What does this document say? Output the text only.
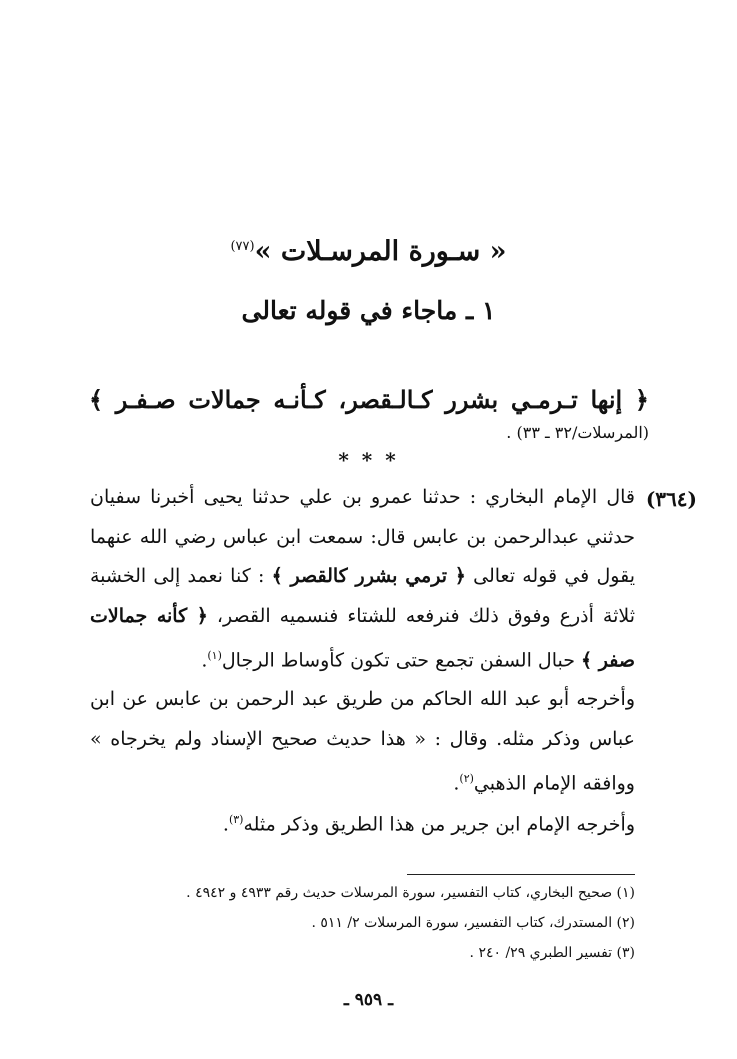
« سـورة المرسـلات »$^{(٧٧)}$
١ ـ ماجاء في قوله تعالى
﴿ إنها تـرمـي بشرر كـالـقصر، كـأنـه جمالات صـفـر ﴾
(المرسلات/٣٢ ـ ٣٣) .
* * *
(٣٦٤)
قال الإمام البخاري : حدثنا عمرو بن علي حدثنا يحيى أخبرنا سفيان حدثني عبدالرحمن بن عابس قال: سمعت ابن عباس رضي الله عنهما يقول في قوله تعالى ﴿ ترمي بشرر كالقصر ﴾ : كنا نعمد إلى الخشبة ثلاثة أذرع وفوق ذلك فنرفعه للشتاء فنسميه القصر، ﴿ كأنه جمالات صفر ﴾ حبال السفن تجمع حتى تكون كأوساط الرجال$^{(١)}$.
وأخرجه أبو عبد الله الحاكم من طريق عبد الرحمن بن عابس عن ابن عباس وذكر مثله. وقال : « هذا حديث صحيح الإسناد ولم يخرجاه » ووافقه الإمام الذهبي$^{(٢)}$.
وأخرجه الإمام ابن جرير من هذا الطريق وذكر مثله$^{(٣)}$.
(١) صحيح البخاري، كتاب التفسير، سورة المرسلات حديث رقم ٤٩٣٣ و ٤٩٤٢ .
(٢) المستدرك، كتاب التفسير، سورة المرسلات ٢/ ٥١١ .
(٣) تفسير الطبري ٢٩/ ٢٤٠ .
ـ ٩٥٩ ـ
